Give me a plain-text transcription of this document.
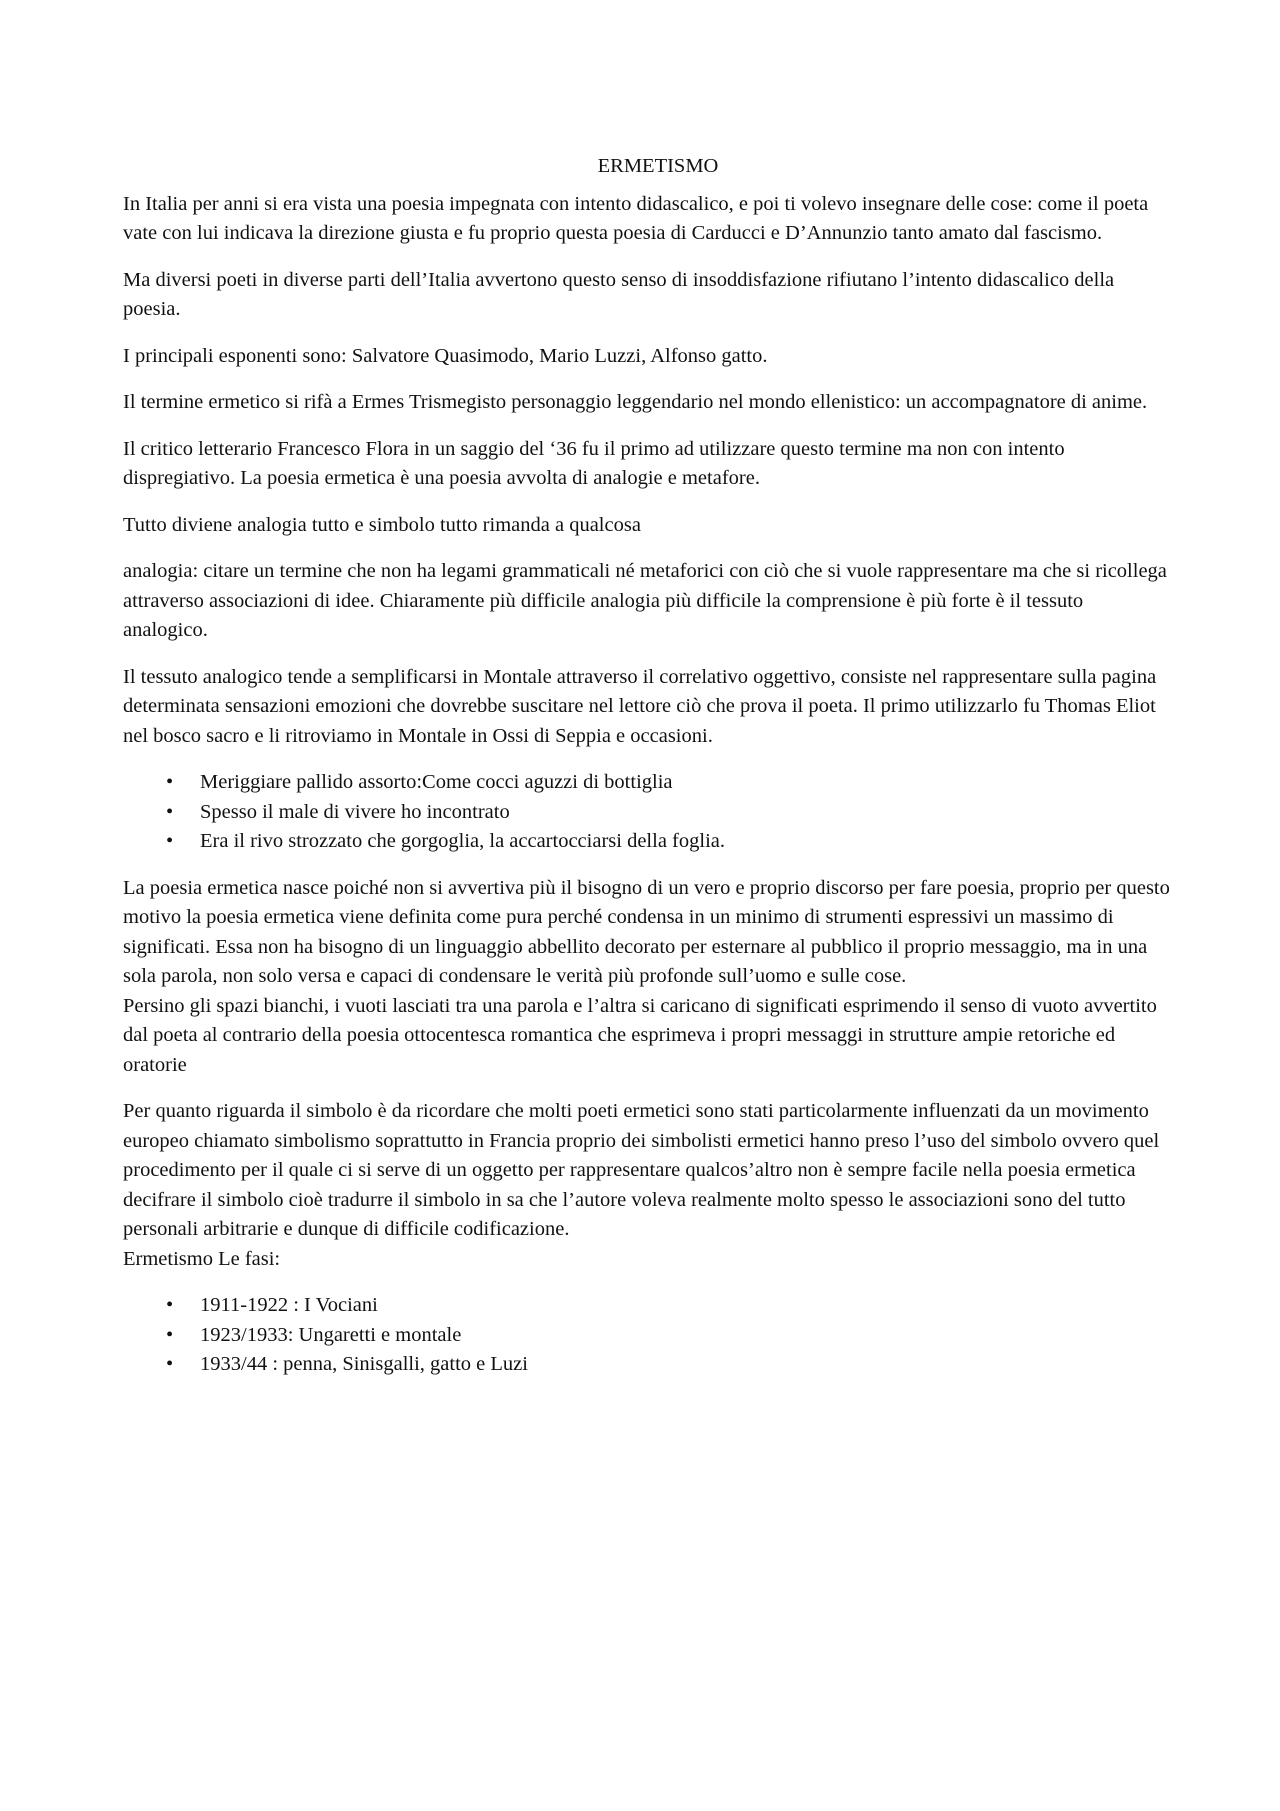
ERMETISMO

In Italia per anni si era vista una poesia impegnata con intento didascalico, e poi ti volevo insegnare delle cose: come il poeta vate con lui indicava la direzione giusta e fu proprio questa poesia di Carducci e D’Annunzio tanto amato dal fascismo.

Ma diversi poeti in diverse parti dell’Italia avvertono questo senso di insoddisfazione rifiutano l’intento didascalico della poesia.

I principali esponenti sono: Salvatore Quasimodo, Mario Luzzi, Alfonso gatto.

Il termine ermetico si rifà a Ermes Trismegisto personaggio leggendario nel mondo ellenistico: un accompagnatore di anime.

Il critico letterario Francesco Flora in un saggio del ‘36 fu il primo ad utilizzare questo termine ma non con intento dispregiativo. La poesia ermetica è una poesia avvolta di analogie e metafore.

Tutto diviene analogia tutto e simbolo tutto rimanda a qualcosa

analogia: citare un termine che non ha legami grammaticali né metaforici con ciò che si vuole rappresentare ma che si ricollega attraverso associazioni di idee. Chiaramente più difficile analogia più difficile la comprensione è più forte è il tessuto analogico.

Il tessuto analogico tende a semplificarsi in Montale attraverso il correlativo oggettivo, consiste nel rappresentare sulla pagina determinata sensazioni emozioni che dovrebbe suscitare nel lettore ciò che prova il poeta. Il primo utilizzarlo fu Thomas Eliot nel bosco sacro e li ritroviamo in Montale in Ossi di Seppia e occasioni.

• Meriggiare pallido assorto:Come cocci aguzzi di bottiglia
• Spesso il male di vivere ho incontrato
• Era il rivo strozzato che gorgoglia, la accartocciarsi della foglia.

La poesia ermetica nasce poiché non si avvertiva più il bisogno di un vero e proprio discorso per fare poesia, proprio per questo motivo la poesia ermetica viene definita come pura perché condensa in un minimo di strumenti espressivi un massimo di significati. Essa non ha bisogno di un linguaggio abbellito decorato per esternare al pubblico il proprio messaggio, ma in una sola parola, non solo versa e capaci di condensare le verità più profonde sull’uomo e sulle cose.

Persino gli spazi bianchi, i vuoti lasciati tra una parola e l’altra si caricano di significati esprimendo il senso di vuoto avvertito dal poeta al contrario della poesia ottocentesca romantica che esprimeva i propri messaggi in strutture ampie retoriche ed oratorie

Per quanto riguarda il simbolo è da ricordare che molti poeti ermetici sono stati particolarmente influenzati da un movimento europeo chiamato simbolismo soprattutto in Francia proprio dei simbolisti ermetici hanno preso l’uso del simbolo ovvero quel procedimento per il quale ci si serve di un oggetto per rappresentare qualcos’altro non è sempre facile nella poesia ermetica decifrare il simbolo cioè tradurre il simbolo in sa che l’autore voleva realmente molto spesso le associazioni sono del tutto personali arbitrarie e dunque di difficile codificazione.

Ermetismo Le fasi:

• 1911-1922 : I Vociani
• 1923/1933: Ungaretti e montale
• 1933/44 : penna, Sinisgalli, gatto e Luzi
